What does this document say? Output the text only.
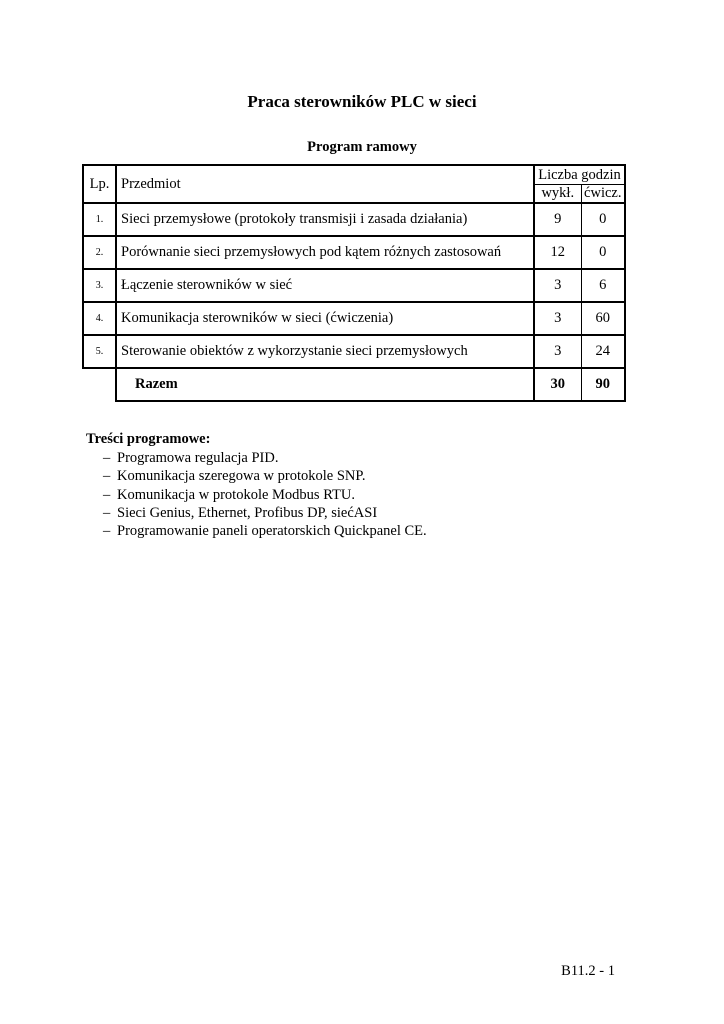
Praca sterowników PLC w sieci
Program ramowy
Lp.	Przedmiot	Liczba godzin	
		wykł.	ćwicz.
1.	Sieci przemysłowe (protokoły transmisji i zasada działania)	9	0
2.	Porównanie sieci przemysłowych pod kątem różnych zastosowań	12	0
3.	Łączenie sterowników w sieć	3	6
4.	Komunikacja sterowników w sieci (ćwiczenia)	3	60
5.	Sterowanie obiektów z wykorzystanie sieci przemysłowych	3	24
	Razem	30	90
Treści programowe:
– Programowa regulacja PID.
– Komunikacja szeregowa w protokole SNP.
– Komunikacja w protokole Modbus RTU.
– Sieci Genius, Ethernet, Profibus DP, siećASI
– Programowanie paneli operatorskich Quickpanel CE.
B11.2 - 1
